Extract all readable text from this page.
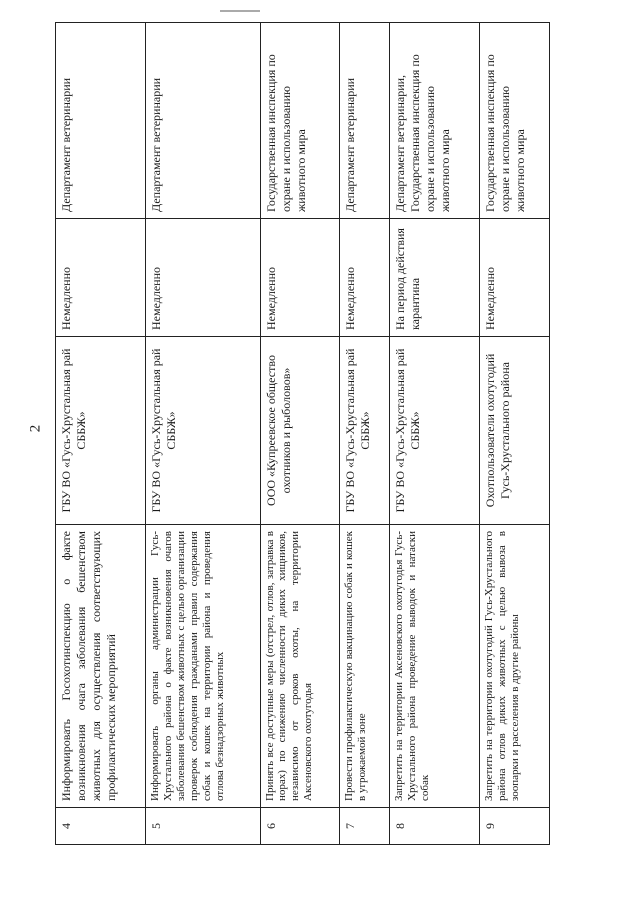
2
4	Информировать Госохотинспекцию о факте возникновения очага заболевания бешенством животных для осуществления соответствующих профилактических мероприятий	ГБУ ВО «Гусь-Хрустальная рай СББЖ»	Немедленно	Департамент ветеринарии
5	Информировать органы администрации Гусь-Хрустального района о факте возникновения очагов заболевания бешенством животных с целью организации проверок соблюдения гражданами правил содержания собак и кошек на территории района и проведения отлова безнадзорных животных	ГБУ ВО «Гусь-Хрустальная рай СББЖ»	Немедленно	Департамент ветеринарии
6	Принять все доступные меры (отстрел, отлов, затравка в норах) по снижению численности диких хищников, независимо от сроков охоты, на территории Аксеновского охотугодья	ООО «Купреевское общество охотников и рыболовов»	Немедленно	Государственная инспекция по охране и использованию животного мира
7	Провести профилактическую вакцинацию собак и кошек в угрожаемой зоне	ГБУ ВО «Гусь-Хрустальная рай СББЖ»	Немедленно	Департамент ветеринарии
8	Запретить на территории Аксеновского охотугодья Гусь-Хрустального района проведение выводок и натаски собак	ГБУ ВО «Гусь-Хрустальная рай СББЖ»	На период действия карантина	Департамент ветеринарии, Государственная инспекция по охране и использованию животного мира
9	Запретить на территории охотугодий Гусь-Хрустального района отлов диких животных с целью вывоза в зоопарки и расселения в другие районы	Охотпользователи охотугодий Гусь-Хрустального района	Немедленно	Государственная инспекция по охране и использованию животного мира
